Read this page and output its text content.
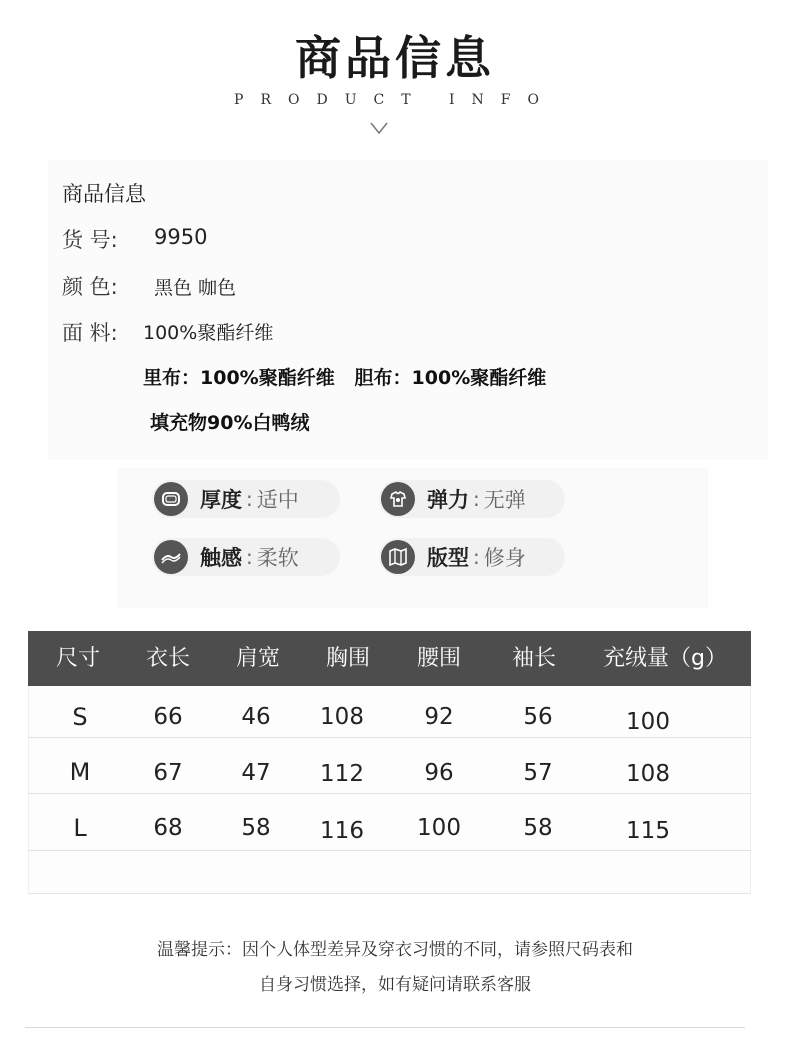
商品信息
PRODUCT INFO
商品信息
货 号: 9950
颜 色: 黑色 咖色
面 料: 100%聚酯纤维
里布：100%聚酯纤维   胆布：100%聚酯纤维
填充物90%白鸭绒
厚度 : 适中	弹力 : 无弹
触感 : 柔软	版型 : 修身
尺寸	衣长	肩宽	胸围	腰围	袖长	充绒量（g）
S	66	46	108	92	56	100
M	67	47	112	96	57	108
L	68	58	116	100	58	115
温馨提示：因个人体型差异及穿衣习惯的不同，请参照尺码表和
自身习惯选择，如有疑问请联系客服
